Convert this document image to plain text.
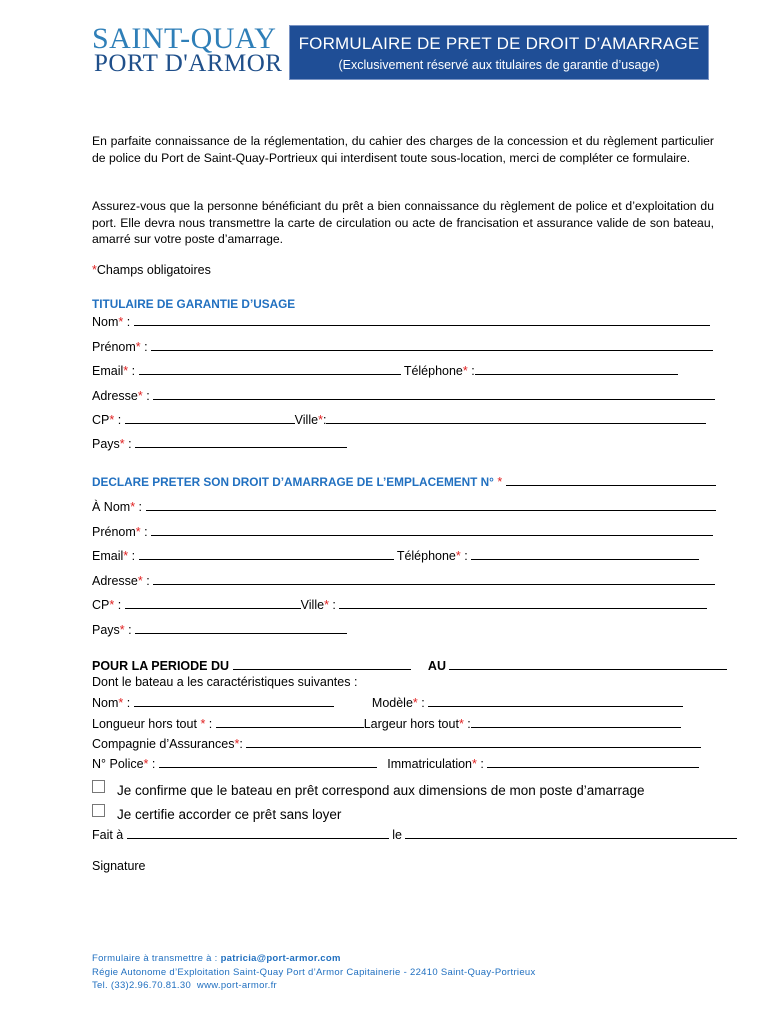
SAINT-QUAY
PORT D'ARMOR
FORMULAIRE DE PRET DE DROIT D’AMARRAGE
(Exclusivement réservé aux titulaires de garantie d’usage)

En parfaite connaissance de la réglementation, du cahier des charges de la concession et du règlement particulier de police du Port de Saint-Quay-Portrieux qui interdisent toute sous-location, merci de compléter ce formulaire.

Assurez-vous que la personne bénéficiant du prêt a bien connaissance du règlement de police et d’exploitation du port. Elle devra nous transmettre la carte de circulation ou acte de francisation et assurance valide de son bateau, amarré sur votre poste d’amarrage.

*Champs obligatoires
TITULAIRE DE GARANTIE D’USAGE
Nom* :
Prénom* :
Email* :	Téléphone* :
Adresse* :
CP* :	Ville*:
Pays* :
DECLARE PRETER SON DROIT D’AMARRAGE DE L’EMPLACEMENT N° *
À Nom* :
Prénom* :
Email* :	Téléphone* :
Adresse* :
CP* :	Ville* :
Pays* :
POUR LA PERIODE DU	AU
Dont le bateau a les caractéristiques suivantes :
Nom* :	Modèle* :
Longueur hors tout * :	Largeur hors tout* :
Compagnie d’Assurances*:
N° Police* :	Immatriculation* :
Je confirme que le bateau en prêt correspond aux dimensions de mon poste d’amarrage
Je certifie accorder ce prêt sans loyer
Fait à	le
Signature
Formulaire à transmettre à : patricia@port-armor.com
Régie Autonome d’Exploitation Saint-Quay Port d’Armor Capitainerie - 22410 Saint-Quay-Portrieux
Tel. (33)2.96.70.81.30 www.port-armor.fr
